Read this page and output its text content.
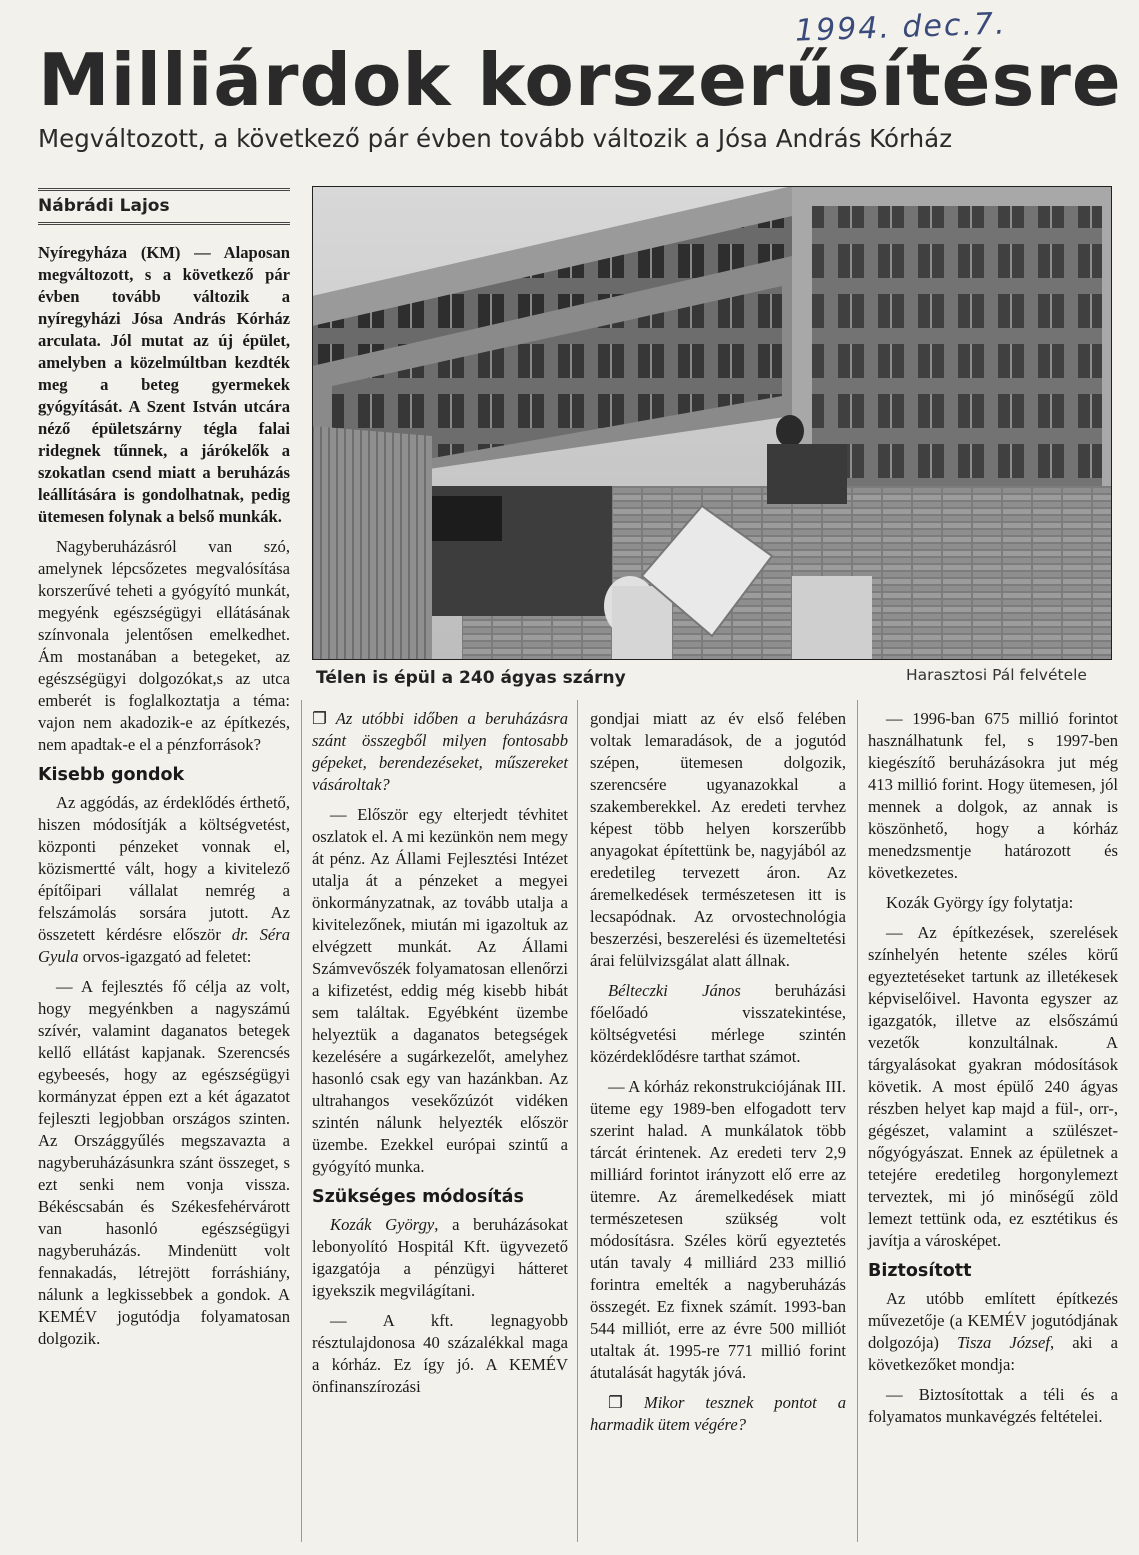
1994. dec.7.
Milliárdok korszerűsítésre
Megváltozott, a következő pár évben tovább változik a Jósa András Kórház
Nábrádi Lajos
Télen is épül a 240 ágyas szárny	Harasztosi Pál felvétele

Nyíregyháza (KM) — Alaposan megváltozott, s a következő pár évben tovább változik a nyíregyházi Jósa András Kórház arculata. Jól mutat az új épület, amelyben a közelmúltban kezdték meg a beteg gyermekek gyógyítását. A Szent István utcára néző épületszárny tégla falai ridegnek tűnnek, a járókelők a szokatlan csend miatt a beruházás leállítására is gondolhatnak, pedig ütemesen folynak a belső munkák.

Nagyberuházásról van szó, amelynek lépcsőzetes megvalósítása korszerűvé teheti a gyógyító munkát, megyénk egészségügyi ellátásának színvonala jelentősen emelkedhet. Ám mostanában a betegeket, az egészségügyi dolgozókat,s az utca emberét is foglalkoztatja a téma: vajon nem akadozik-e az építkezés, nem apadtak-e el a pénzforrások?

Kisebb gondok

Az aggódás, az érdeklődés érthető, hiszen módosítják a költségvetést, központi pénzeket vonnak el, közismertté vált, hogy a kivitelező építőipari vállalat nemrég a felszámolás sorsára jutott. Az összetett kérdésre először dr. Séra Gyula orvos-igazgató ad feletet:

— A fejlesztés fő célja az volt, hogy megyénkben a nagyszámú szívér, valamint daganatos betegek kellő ellátást kapjanak. Szerencsés egybeesés, hogy az egészségügyi kormányzat éppen ezt a két ágazatot fejleszti legjobban országos szinten. Az Országgyűlés megszavazta a nagyberuházásunkra szánt összeget, s ezt senki nem vonja vissza. Békéscsabán és Székesfehérvárott van hasonló egészségügyi nagyberuházás. Mindenütt volt fennakadás, létrejött forráshiány, nálunk a legkissebbek a gondok. A KEMÉV jogutódja folyamatosan dolgozik.

❐ Az utóbbi időben a beruházásra szánt összegből milyen fontosabb gépeket, berendezéseket, műszereket vásároltak?

— Először egy elterjedt tévhitet oszlatok el. A mi kezünkön nem megy át pénz. Az Állami Fejlesztési Intézet utalja át a pénzeket a megyei önkormányzatnak, az tovább utalja a kivitelezőnek, miután mi igazoltuk az elvégzett munkát. Az Állami Számvevőszék folyamatosan ellenőrzi a kifizetést, eddig még kisebb hibát sem találtak. Egyébként üzembe helyeztük a daganatos betegségek kezelésére a sugárkezelőt, amelyhez hasonló csak egy van hazánkban. Az ultrahangos vesekőzúzót vidéken szintén nálunk helyezték először üzembe. Ezekkel európai szintű a gyógyító munka.

Szükséges módosítás

Kozák György, a beruházásokat lebonyolító Hospitál Kft. ügyvezető igazgatója a pénzügyi hátteret igyekszik megvilágítani.

— A kft. legnagyobb résztulajdonosa 40 százalékkal maga a kórház. Ez így jó. A KEMÉV önfinanszírozási

gondjai miatt az év első felében voltak lemaradások, de a jogutód szépen, ütemesen dolgozik, szerencsére ugyanazokkal a szakemberekkel. Az eredeti tervhez képest több helyen korszerűbb anyagokat építettünk be, nagyjából az eredetileg tervezett áron. Az áremelkedések természetesen itt is lecsapódnak. Az orvostechnológia beszerzési, beszerelési és üzemeltetési árai felülvizsgálat alatt állnak.

Bélteczki János beruházási főelőadó visszatekintése, költségvetési mérlege szintén közérdeklődésre tarthat számot.

— A kórház rekonstrukciójának III. üteme egy 1989-ben elfogadott terv szerint halad. A munkálatok több tárcát érintenek. Az eredeti terv 2,9 milliárd forintot irányzott elő erre az ütemre. Az áremelkedések miatt természetesen szükség volt módosításra. Széles körű egyeztetés után tavaly 4 milliárd 233 millió forintra emelték a nagyberuházás összegét. Ez fixnek számít. 1993-ban 544 milliót, erre az évre 500 milliót utaltak át. 1995-re 771 millió forint átutalását hagyták jóvá.

❐ Mikor tesznek pontot a harmadik ütem végére?

— 1996-ban 675 millió forintot használhatunk fel, s 1997-ben kiegészítő beruházásokra jut még 413 millió forint. Hogy ütemesen, jól mennek a dolgok, az annak is köszönhető, hogy a kórház menedzsmentje határozott és következetes.

Kozák György így folytatja:

— Az építkezések, szerelések színhelyén hetente széles körű egyeztetéseket tartunk az illetékesek képviselőivel. Havonta egyszer az igazgatók, illetve az elsőszámú vezetők konzultálnak. A tárgyalásokat gyakran módosítások követik. A most épülő 240 ágyas részben helyet kap majd a fül-, orr-, gégészet, valamint a szülészet-nőgyógyászat. Ennek az épületnek a tetejére eredetileg horgonylemezt terveztek, mi jó minőségű zöld lemezt tettünk oda, ez esztétikus és javítja a városképet.

Biztosított

Az utóbb említett építkezés művezetője (a KEMÉV jogutódjának dolgozója) Tisza József, aki a következőket mondja:

— Biztosítottak a téli és a folyamatos munkavégzés feltételei.
